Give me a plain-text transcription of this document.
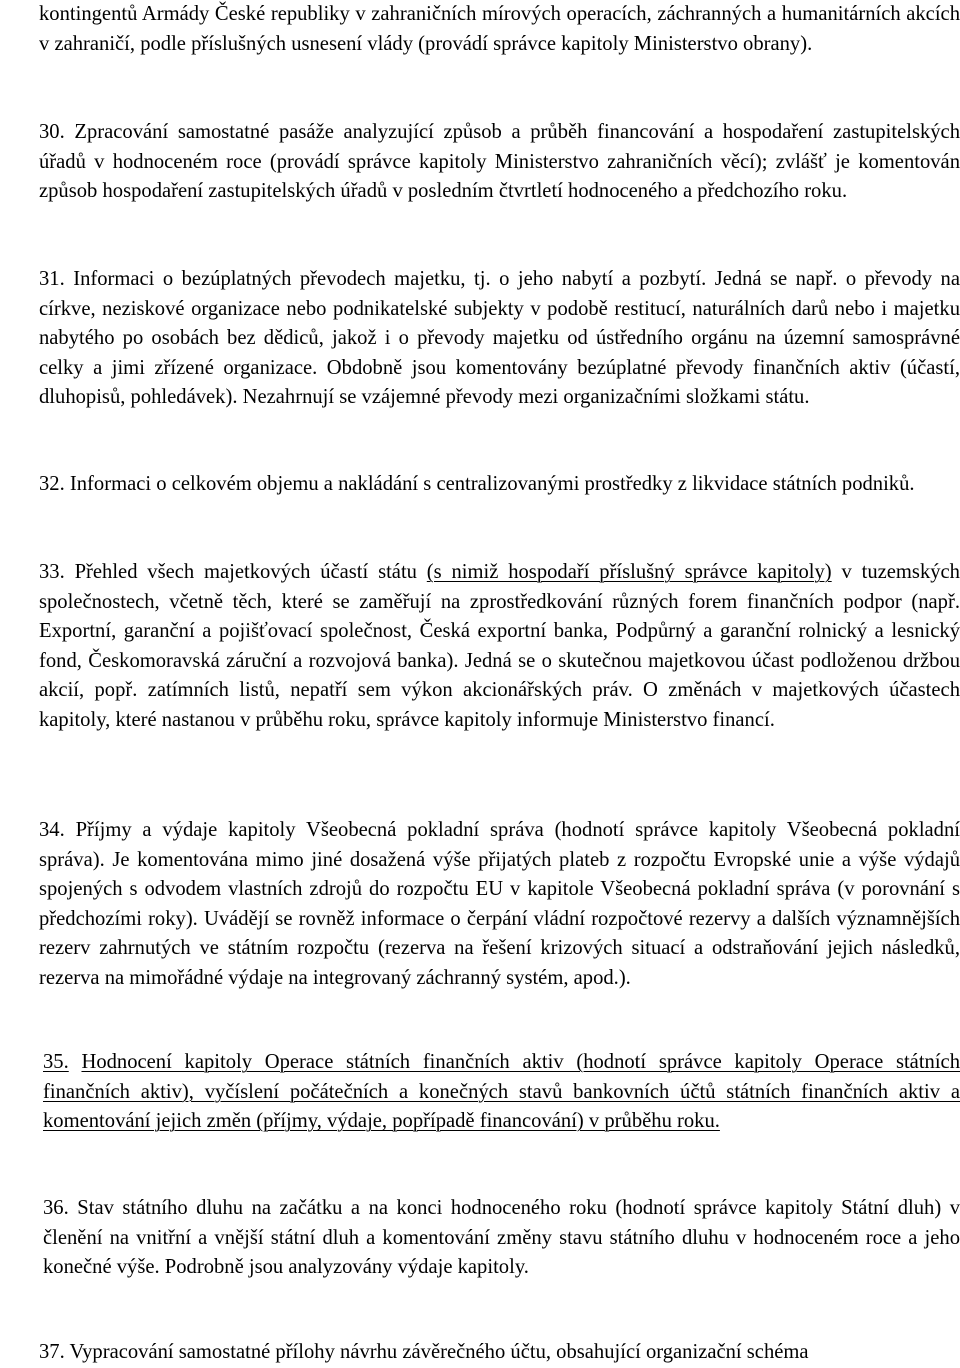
kontingentů Armády České republiky v zahraničních mírových operacích, záchranných a humanitárních akcích v zahraničí, podle příslušných usnesení vlády (provádí správce kapitoly Ministerstvo obrany).
30. Zpracování samostatné pasáže analyzující způsob a průběh financování a hospodaření zastupitelských úřadů v hodnoceném roce (provádí správce kapitoly Ministerstvo zahraničních věcí); zvlášť je komentován způsob hospodaření zastupitelských úřadů v posledním čtvrtletí hodnoceného a předchozího roku.
31. Informaci o bezúplatných převodech majetku, tj. o jeho nabytí a pozbytí. Jedná se např. o převody na církve, neziskové organizace nebo podnikatelské subjekty v podobě restitucí, naturálních darů nebo i majetku nabytého po osobách bez dědiců, jakož i o převody majetku od ústředního orgánu na územní samosprávné celky a jimi zřízené organizace. Obdobně jsou komentovány bezúplatné převody finančních aktiv (účastí, dluhopisů, pohledávek). Nezahrnují se vzájemné převody mezi organizačními složkami státu.
32. Informaci o celkovém objemu a nakládání s centralizovanými prostředky z likvidace státních podniků.
33. Přehled všech majetkových účastí státu (s nimiž hospodaří příslušný správce kapitoly) v tuzemských společnostech, včetně těch, které se zaměřují na zprostředkování různých forem finančních podpor (např. Exportní, garanční a pojišťovací společnost, Česká exportní banka, Podpůrný a garanční rolnický a lesnický fond, Českomoravská záruční a rozvojová banka). Jedná se o skutečnou majetkovou účast podloženou držbou akcií, popř. zatímních listů, nepatří sem výkon akcionářských práv. O změnách v majetkových účastech kapitoly, které nastanou v průběhu roku, správce kapitoly informuje Ministerstvo financí.
34. Příjmy a výdaje kapitoly Všeobecná pokladní správa (hodnotí správce kapitoly Všeobecná pokladní správa). Je komentována mimo jiné dosažená výše přijatých plateb z rozpočtu Evropské unie a výše výdajů spojených s odvodem vlastních zdrojů do rozpočtu EU v kapitole Všeobecná pokladní správa (v porovnání s předchozími roky). Uvádějí se rovněž informace o čerpání vládní rozpočtové rezervy a dalších významnějších rezerv zahrnutých ve státním rozpočtu (rezerva na řešení krizových situací a odstraňování jejich následků, rezerva na mimořádné výdaje na integrovaný záchranný systém, apod.).
35. Hodnocení kapitoly Operace státních finančních aktiv (hodnotí správce kapitoly Operace státních finančních aktiv), vyčíslení počátečních a konečných stavů bankovních účtů státních finančních aktiv a komentování jejich změn (příjmy, výdaje, popřípadě financování) v průběhu roku.
36. Stav státního dluhu na začátku a na konci hodnoceného roku (hodnotí správce kapitoly Státní dluh) v členění na vnitřní a vnější státní dluh a komentování změny stavu státního dluhu v hodnoceném roce a jeho konečné výše. Podrobně jsou analyzovány výdaje kapitoly.
37. Vypracování samostatné přílohy návrhu závěrečného účtu, obsahující organizační schéma
